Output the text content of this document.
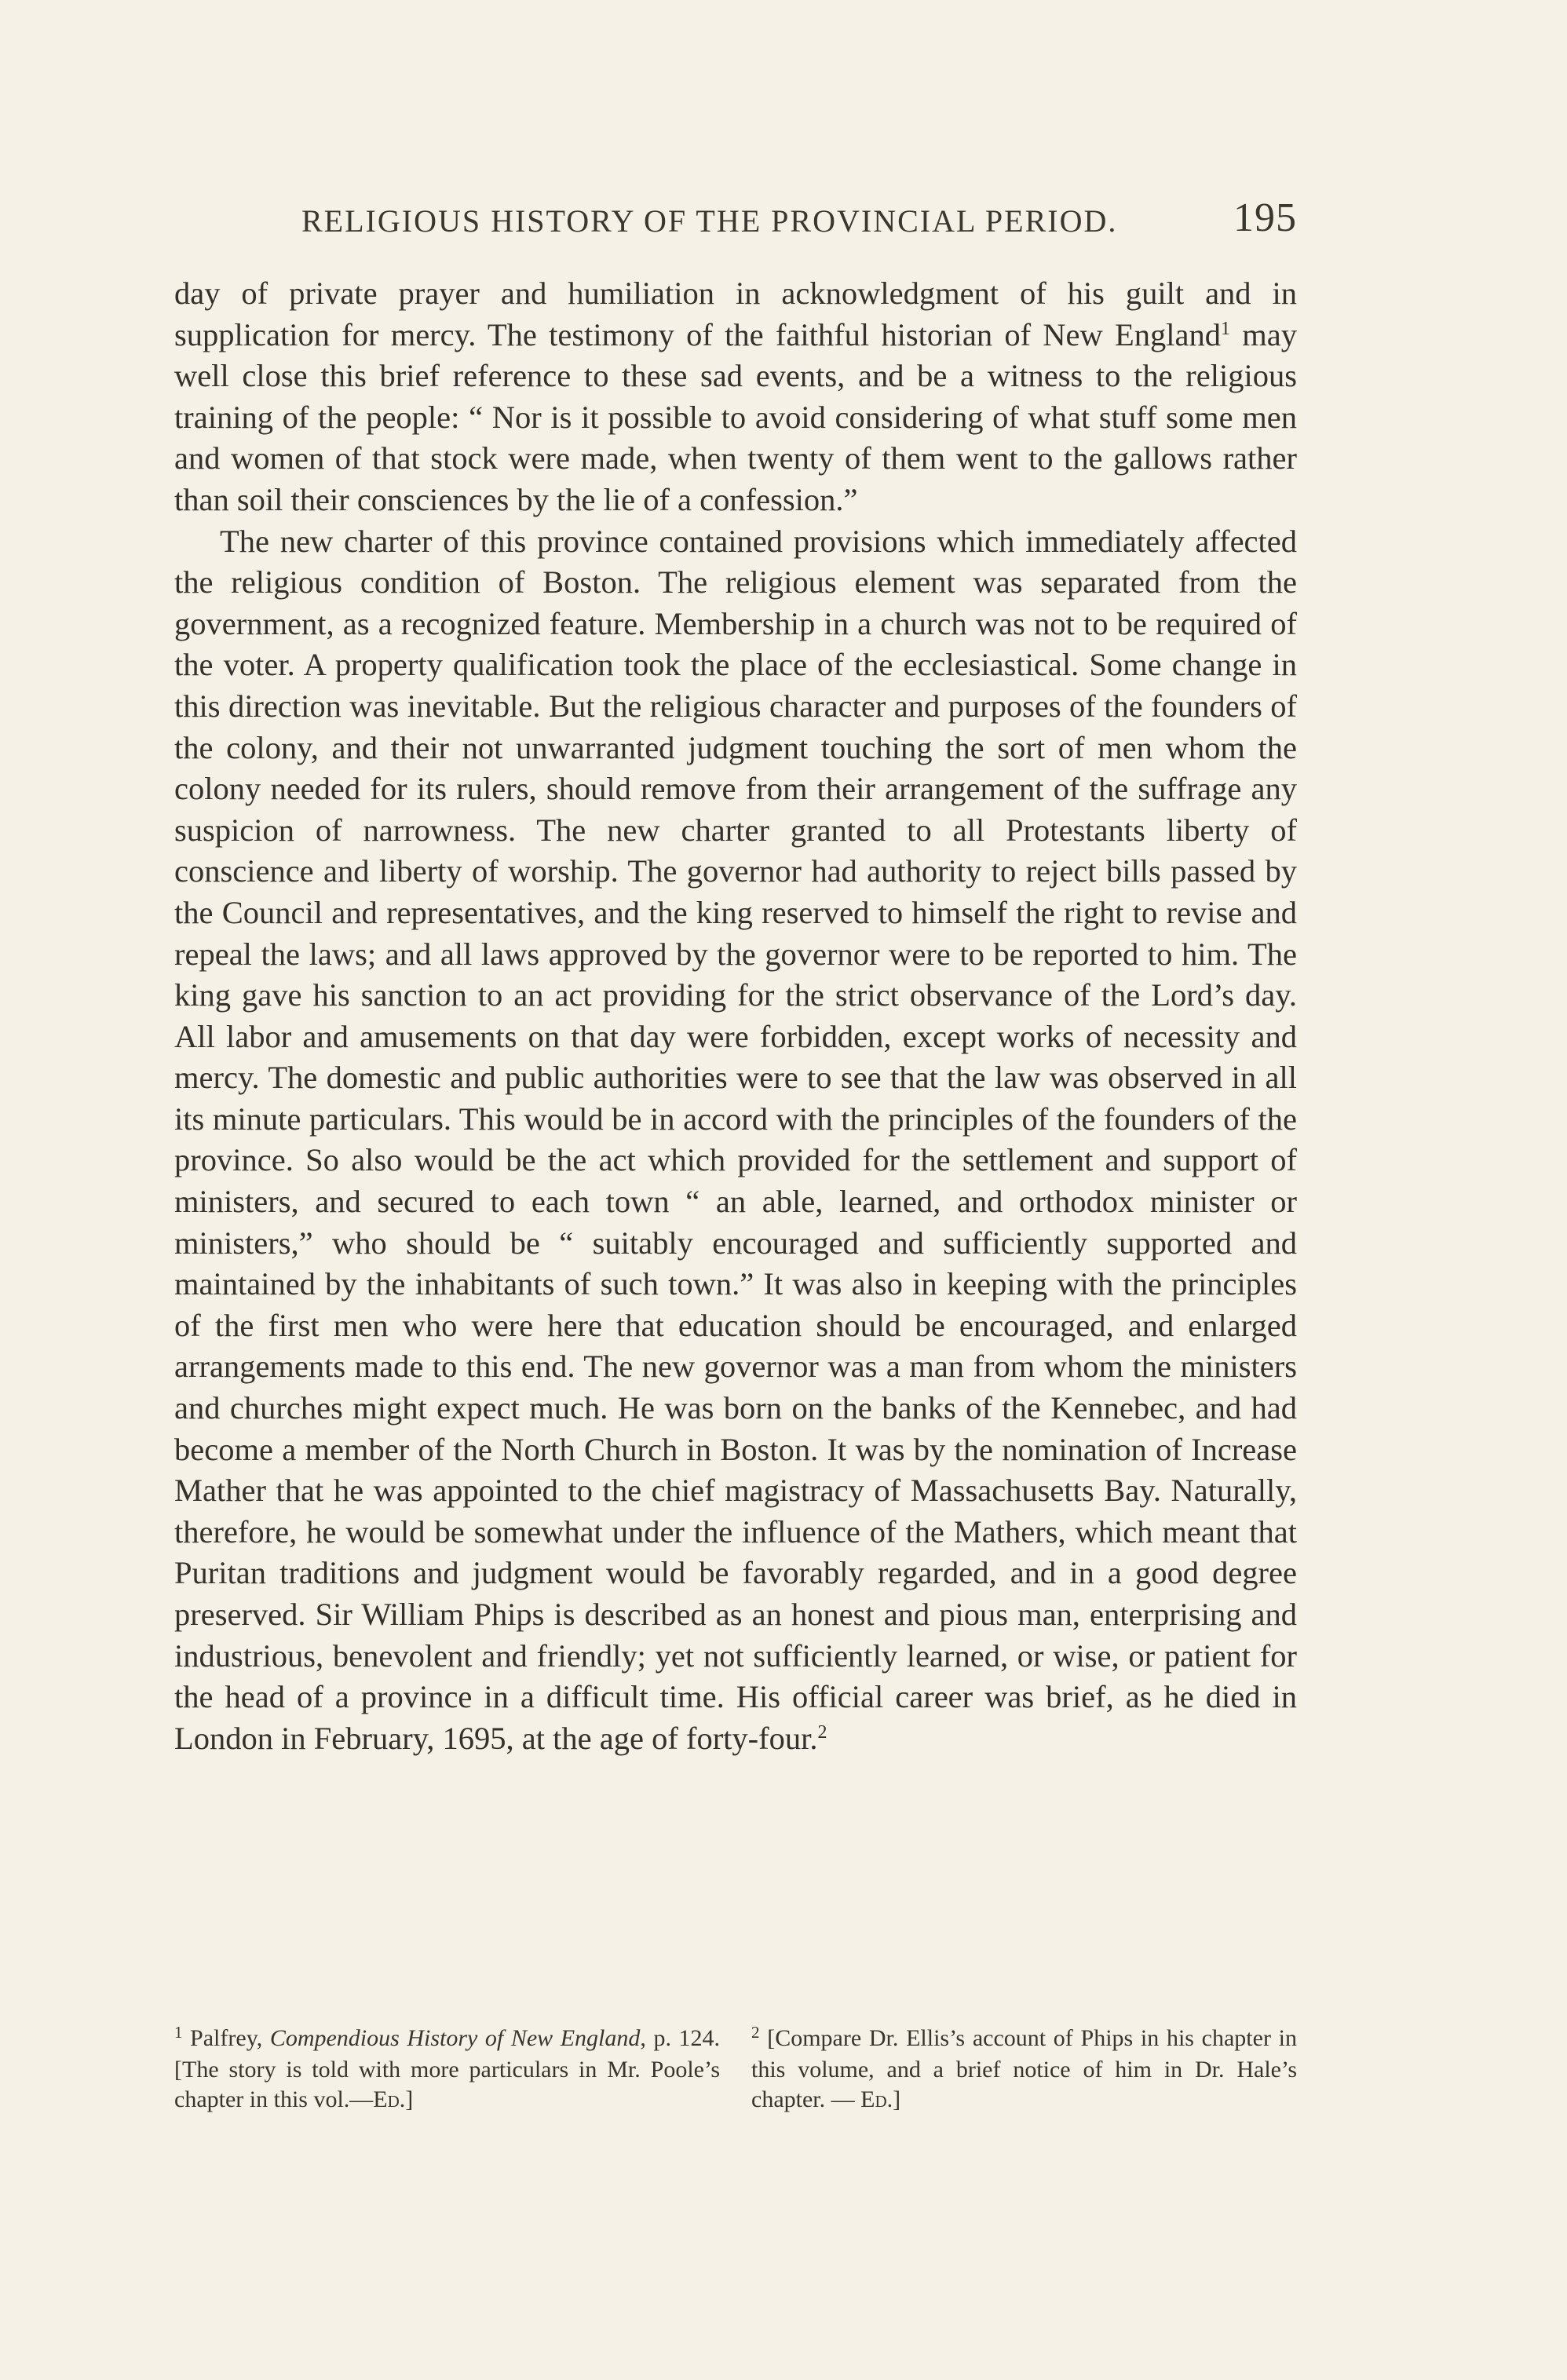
RELIGIOUS HISTORY OF THE PROVINCIAL PERIOD.	195

day of private prayer and humiliation in acknowledgment of his guilt and in supplication for mercy. The testimony of the faithful historian of New England$^1$ may well close this brief reference to these sad events, and be a witness to the religious training of the people: “ Nor is it possible to avoid considering of what stuff some men and women of that stock were made, when twenty of them went to the gallows rather than soil their consciences by the lie of a confession.”

The new charter of this province contained provisions which immediately affected the religious condition of Boston. The religious element was separated from the government, as a recognized feature. Membership in a church was not to be required of the voter. A property qualification took the place of the ecclesiastical. Some change in this direction was inevitable. But the religious character and purposes of the founders of the colony, and their not unwarranted judgment touching the sort of men whom the colony needed for its rulers, should remove from their arrangement of the suffrage any suspicion of narrowness. The new charter granted to all Protestants liberty of conscience and liberty of worship. The governor had authority to reject bills passed by the Council and representatives, and the king reserved to himself the right to revise and repeal the laws; and all laws approved by the governor were to be reported to him. The king gave his sanction to an act providing for the strict observance of the Lord’s day. All labor and amusements on that day were forbidden, except works of necessity and mercy. The domestic and public authorities were to see that the law was observed in all its minute particulars. This would be in accord with the principles of the founders of the province. So also would be the act which provided for the settlement and support of ministers, and secured to each town “ an able, learned, and orthodox minister or ministers,” who should be “ suitably encouraged and sufficiently supported and maintained by the inhabitants of such town.” It was also in keeping with the principles of the first men who were here that education should be encouraged, and enlarged arrangements made to this end. The new governor was a man from whom the ministers and churches might expect much. He was born on the banks of the Kennebec, and had become a member of the North Church in Boston. It was by the nomination of Increase Mather that he was appointed to the chief magistracy of Massachusetts Bay. Naturally, therefore, he would be somewhat under the influence of the Mathers, which meant that Puritan traditions and judgment would be favorably regarded, and in a good degree preserved. Sir William Phips is described as an honest and pious man, enterprising and industrious, benevolent and friendly; yet not sufficiently learned, or wise, or patient for the head of a province in a difficult time. His official career was brief, as he died in London in February, 1695, at the age of forty-four.$^2$

$^1$ Palfrey, Compendious History of New England, p. 124. [The story is told with more particulars in Mr. Poole’s chapter in this vol.—Ed.]
$^2$ [Compare Dr. Ellis’s account of Phips in his chapter in this volume, and a brief notice of him in Dr. Hale’s chapter. — Ed.]
